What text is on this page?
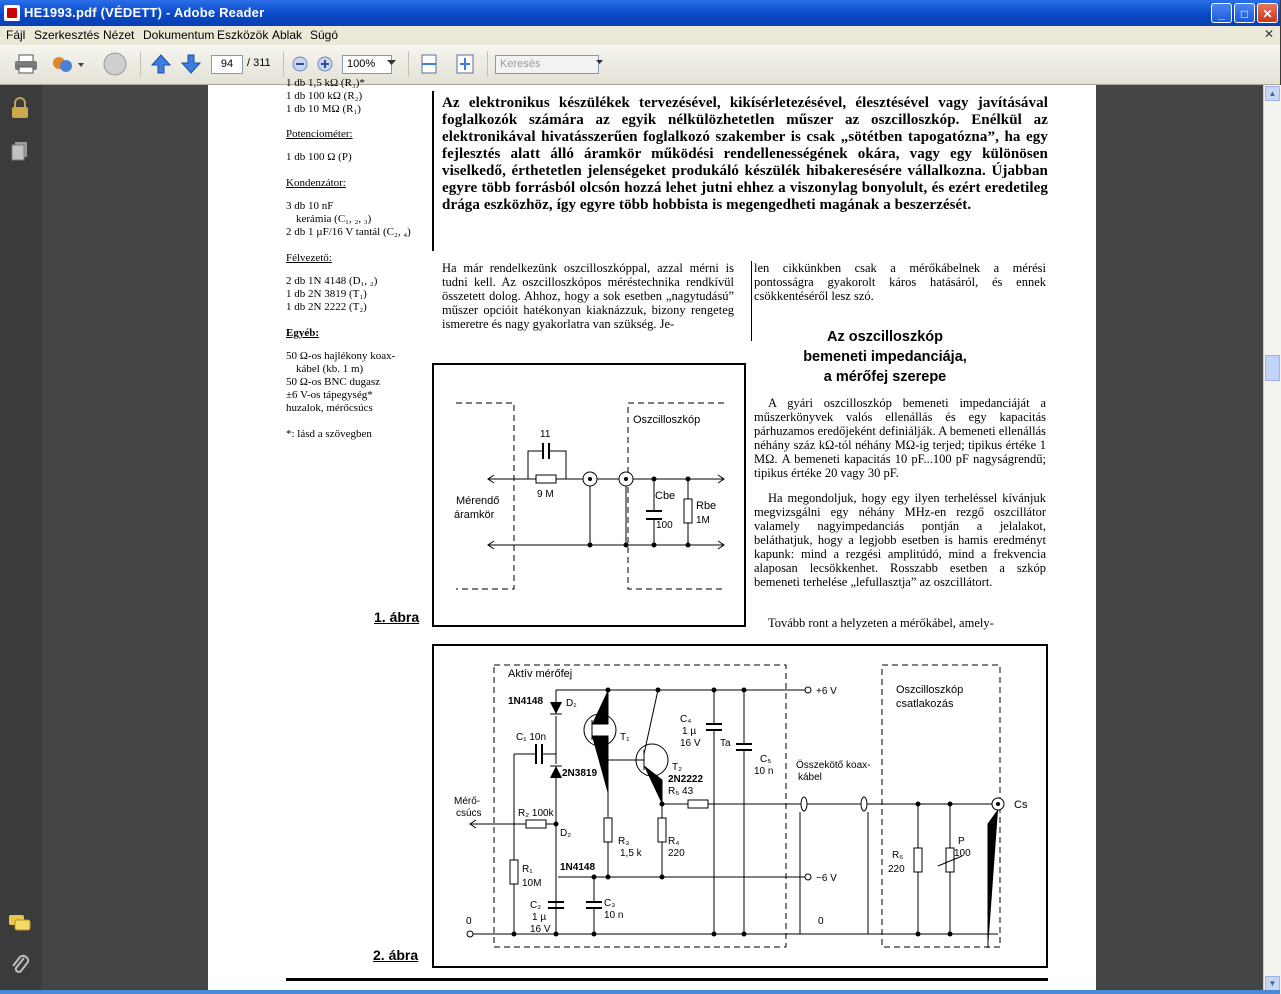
HE1993.pdf (VÉDETT) - Adobe Reader	_	□	✕
Fájl Szerkesztés Nézet Dokumentum Eszközök Ablak Súgó	✕
94	/ 311	100%	Keresés
1 db 1,5 kΩ (R₃)*
1 db 100 kΩ (R₂)
1 db 10 MΩ (R₁)
Potenciométer:
1 db 100 Ω (P)
Kondenzátor:
3 db 10 nF
kerámia (C₁, ₂, ₃)
2 db 1 µF/16 V tantál (C₂, ₄)
Félvezető:
2 db 1N 4148 (D₁, ₂)
1 db 2N 3819 (T₁)
1 db 2N 2222 (T₂)
Egyéb:
50 Ω-os hajlékony koax-
kábel (kb. 1 m)
50 Ω-os BNC dugasz
±6 V-os tápegység*
huzalok, mérőcsúcs
*: lásd a szövegben
Az elektronikus készülékek tervezésével, kikísérletezésével, élesztésével vagy javításával foglalkozók számára az egyik nélkülözhetetlen műszer az oszcilloszkóp. Enélkül az elektronikával hivatásszerűen foglalkozó szakember is csak „sötétben tapogatózna”, ha egy fejlesztés alatt álló áramkör működési rendellenességének okára, vagy egy különösen viselkedő, érthetetlen jelenségeket produkáló készülék hibakeresésére vállalkozna. Újabban egyre több forrásból olcsón hozzá lehet jutni ehhez a viszonylag bonyolult, és ezért eredetileg drága eszközhöz, így egyre több hobbista is megengedheti magának a beszerzését.
Ha már rendelkezünk oszcilloszkóppal, azzal mérni is tudni kell. Az oszcilloszkópos méréstechnika rendkívül összetett dolog. Ahhoz, hogy a sok esetben „nagytudású” műszer opcióit hatékonyan kiaknázzuk, bizony rengeteg ismeretre és nagy gyakorlatra van szükség. Je-
len cikkünkben csak a mérőkábelnek a mérési pontosságra gyakorolt káros hatásáról, és ennek csökkentéséről lesz szó.
Az oszcilloszkóp
bemeneti impedanciája,
a mérőfej szerepe
A gyári oszcilloszkóp bemeneti impedanciáját a műszerkönyvek valós ellenállás és egy kapacitás párhuzamos eredőjeként definiálják. A bemeneti ellenállás néhány száz kΩ-tól néhány MΩ-ig terjed; tipikus értéke 1 MΩ. A bemeneti kapacitás 10 pF...100 pF nagyságrendű; tipikus értéke 20 vagy 30 pF.
Ha megondoljuk, hogy egy ilyen terheléssel kívánjuk megvizsgálni egy néhány MHz-en rezgő oszcillátor valamely nagyimpedanciás pontján a jelalakot, beláthatjuk, hogy a legjobb esetben is hamis eredményt kapunk: mind a rezgési amplitúdó, mind a frekvencia alaposan lecsökkenhet. Rosszabb esetben a szkóp bemeneti terhelése „lefullasztja” az oszcillátort.
Tovább ront a helyzeten a mérőkábel, amely-
1. ábra
Oszcilloszkóp
Mérendő
áramkör
11
9 M	Cbe
100
Rbe
1M
2. ábra
Aktív mérőfej
Oszcilloszkóp
csatlakozás
Összekötő koax-
kábel
Mérő-
csúcs
+6 V
−6 V
0	0
Cs
D₁
1N4148
D₂
1N4148
C₁ 10n	T₁
2N3819
T₂
2N2222
C₄
1 µ
16 V Ta
C₅
10 n
R₂ 100k
R₅ 43
R₃
1,5 k
R₄
220
R₁
10M
C₂
1 µ
16 V
C₃
10 n
R₆
220
P
100
▲
▼
